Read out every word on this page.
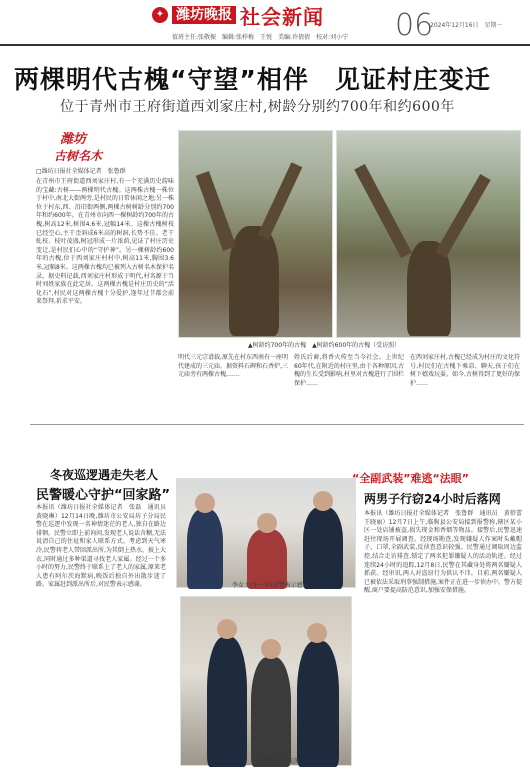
✦ 潍坊晚报 社会新闻 06
2024年12月16日　星期一
值班主任:张敬振　编辑:张梓梅　王悦　美编:许倩倩　校对:刘小宁
两棵明代古槐“守望”相伴　见证村庄变迁
位于青州市王府街道西刘家庄村,树龄分别约700年和约600年
潍坊
古树名木
□潍坊日报社全媒体记者　张鲁群
在青州市王府街道西刘家庄村,有一个充满历史韵味的宝藏:古树——两棵明代古槐。这两株古槐一株位于村中,南北大街两旁,是村民的日常休闲之地;另一株位于村东,西、沿旧街两侧,两棵古树树龄分别约700年和约600年。在青州市向西一棵树龄约700年的古槐,树高12米,树围4.6米,冠幅14米。这棵古槐树枝已经空心,主干歪斜成6米高的树洞,长势不佳。老干虬枝、枝叶茂盛,树冠形成一片浓荫,见证了村庄历史变迁,是村民们心中的“守护神”。另一棵树龄约600年的古槐,位于西刘家庄村村中,树高11米,胸围3.6米,冠幅8米。这两棵古槐均已被列入古树名木保护名录。据史料记载,西刘家庄村形成于明代,村名源于当时刘姓家族在此定居。这两棵古槐是村庄历史的“活化石”,村民对这两棵古槐十分爱护,逢年过节都会前来祭拜,祈求平安。
▲树龄约700年的古槐　▲树龄约600年的古槐（受访照）
明代三元宗谱载,原先在村东西南有一座明代建成的三元庙。据资料石碑和石香炉,三元庙旁有两棵古槐,……
姓氏后裔,将香火传至当今社会。上世纪60年代,在附近的村庄里,由于各种原因,古槐的生长受到影响,村里对古槐进行了围栏保护……
在西刘家庄村,古槐已经成为村庄的文化符号,村民们在古槐下乘凉、聊天,孩子们在树下嬉戏玩耍。如今,古树得到了更好的保护……
冬夜巡逻遇走失老人
民警暖心守护“回家路”
本报讯（潍坊日报社全媒体记者　张磊　通讯员　黄晓琳）12月14日晚,潍坊市公安局坊子分局民警在巡逻中发现一名神情迷茫的老人,独自在路边徘徊。民警立即上前询问,发现老人说话含糊,无法说清自己的住址和家人联系方式。考虑到天气寒冷,民警将老人带回派出所,为其倒上热水、披上大衣,同时通过多种渠道寻找老人家属。经过一个多小时的努力,民警终于联系上了老人的家属,原来老人患有阿尔茨海默病,晚饭后独自外出散步迷了路。家属赶到派出所后,对民警表示感谢。	李女士(左一)向民警表示感谢。
民警与老人交流。
“全副武装”难逃“法眼”
两男子行窃24小时后落网
本报讯（潍坊日报社全媒体记者　张鲁群　通讯员　黄蓓蕾　王晓丽）12月7日上午,临朐县公安局接到报警称,辖区某小区一处店铺被盗,损失现金和香烟等物品。接警后,民警迅速赶往现场开展调查。经现场勘查,发现嫌疑人作案时头戴帽子、口罩,全副武装,反侦查意识较强。民警通过调取周边监控,结合走访排查,锁定了两名犯罪嫌疑人的活动轨迹。经过连续24小时的追踪,12月8日,民警在其藏身处将两名嫌疑人抓获。经审讯,两人对盗窃行为供认不讳。目前,两名嫌疑人已被依法采取刑事强制措施,案件正在进一步侦办中。警方提醒,商户要提高防范意识,加强安保措施。
